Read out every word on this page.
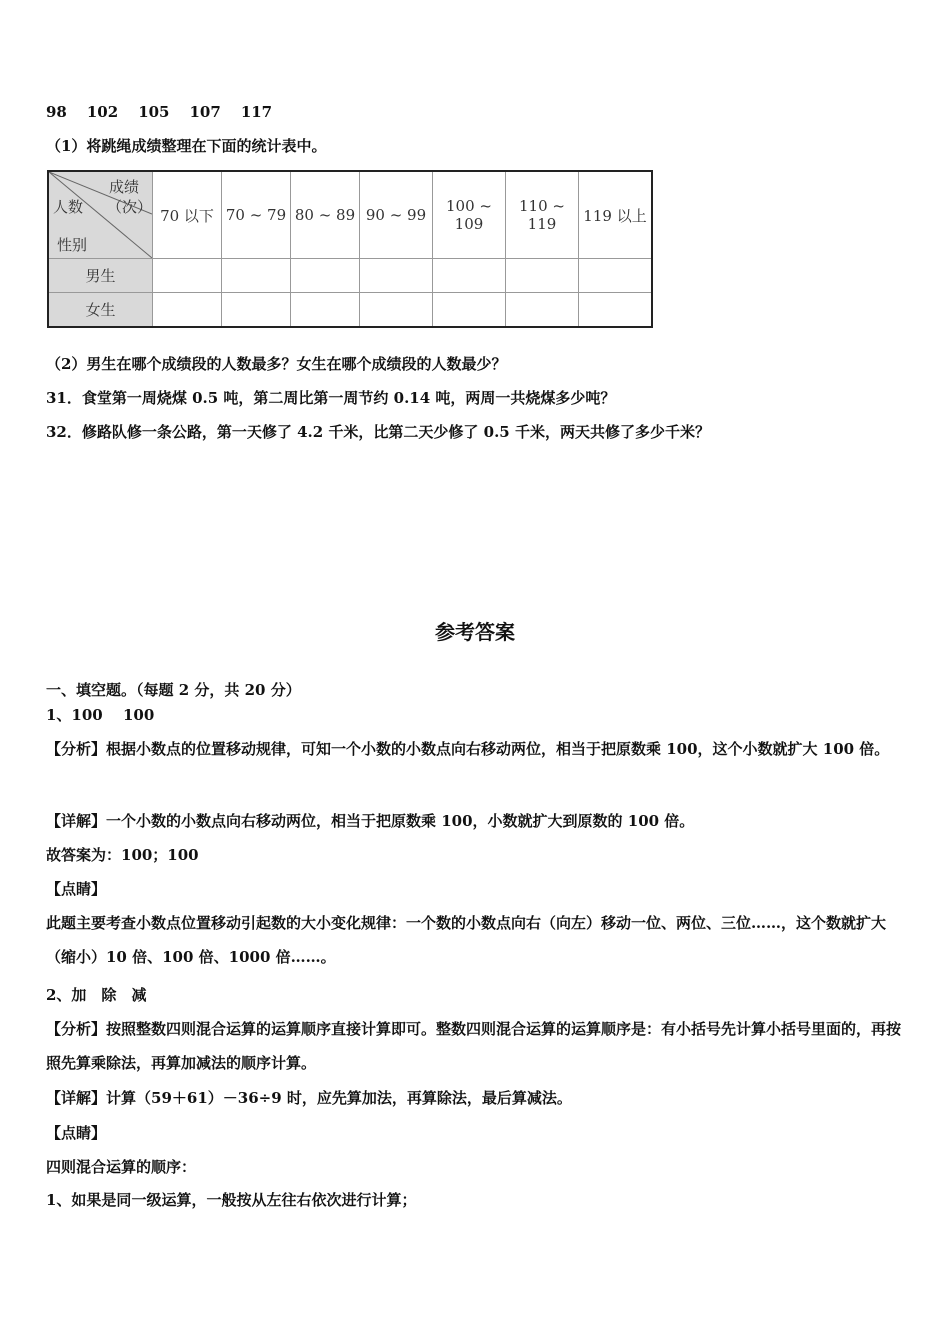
98 102 105 107 117
（1）将跳绳成绩整理在下面的统计表中。
成绩
（次）
人数
性别	70 以下	70 ~ 79	80 ~ 89	90 ~ 99	100 ~ 109	110 ~ 119	119 以上
男生							
女生							
（2）男生在哪个成绩段的人数最多？女生在哪个成绩段的人数最少？
31．食堂第一周烧煤 0.5 吨，第二周比第一周节约 0.14 吨，两周一共烧煤多少吨？
32．修路队修一条公路，第一天修了 4.2 千米，比第二天少修了 0.5 千米，两天共修了多少千米？
参考答案
一、填空题。（每题 2 分，共 20 分）
1、100　 100
【分析】根据小数点的位置移动规律，可知一个小数的小数点向右移动两位，相当于把原数乘 100，这个小数就扩大 100 倍。
【详解】一个小数的小数点向右移动两位，相当于把原数乘 100，小数就扩大到原数的 100 倍。
故答案为：100；100
【点睛】
此题主要考查小数点位置移动引起数的大小变化规律：一个数的小数点向右（向左）移动一位、两位、三位……，这个数就扩大（缩小）10 倍、100 倍、1000 倍……。
2、加　除　减
【分析】按照整数四则混合运算的运算顺序直接计算即可。整数四则混合运算的运算顺序是：有小括号先计算小括号里面的，再按照先算乘除法，再算加减法的顺序计算。
【详解】计算（59＋61）－36÷9 时，应先算加法，再算除法，最后算减法。
【点睛】
四则混合运算的顺序：
1、如果是同一级运算，一般按从左往右依次进行计算；
